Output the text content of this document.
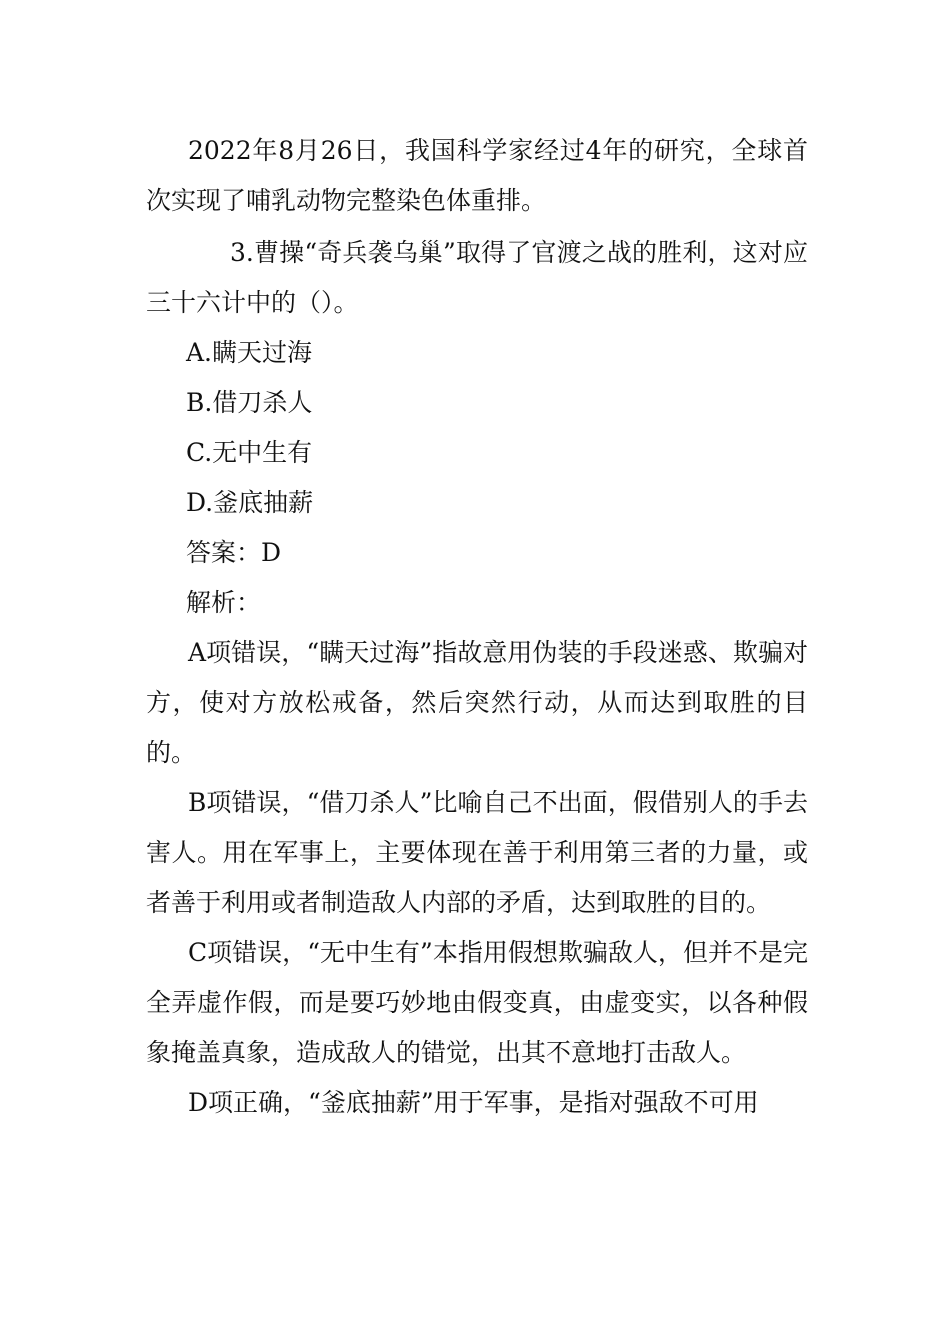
2022年8月26日，我国科学家经过4年的研究，全球首次实现了哺乳动物完整染色体重排。

3.曹操“奇兵袭乌巢”取得了官渡之战的胜利，这对应三十六计中的（）。

A.瞒天过海

B.借刀杀人

C.无中生有

D.釜底抽薪

答案：D

解析：

A项错误，“瞒天过海”指故意用伪装的手段迷惑、欺骗对方，使对方放松戒备，然后突然行动，从而达到取胜的目的。

B项错误，“借刀杀人”比喻自己不出面，假借别人的手去害人。用在军事上，主要体现在善于利用第三者的力量，或者善于利用或者制造敌人内部的矛盾，达到取胜的目的。

C项错误，“无中生有”本指用假想欺骗敌人，但并不是完全弄虚作假，而是要巧妙地由假变真，由虚变实，以各种假象掩盖真象，造成敌人的错觉，出其不意地打击敌人。

D项正确，“釜底抽薪”用于军事，是指对强敌不可用
